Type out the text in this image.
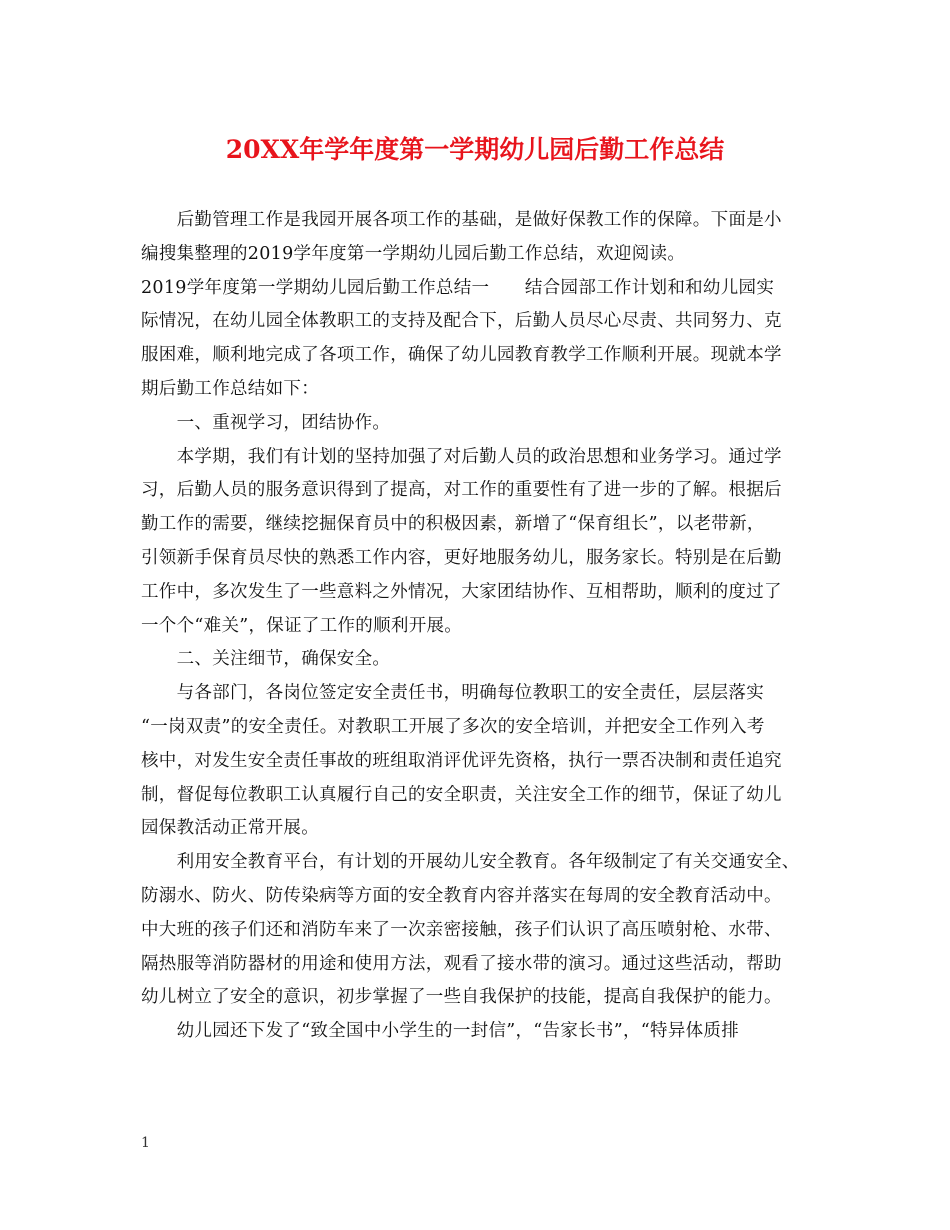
20XX年学年度第一学期幼儿园后勤工作总结
　　后勤管理工作是我园开展各项工作的基础，是做好保教工作的保障。下面是小
编搜集整理的2019学年度第一学期幼儿园后勤工作总结，欢迎阅读。
2019学年度第一学期幼儿园后勤工作总结一　　结合园部工作计划和和幼儿园实
际情况，在幼儿园全体教职工的支持及配合下，后勤人员尽心尽责、共同努力、克
服困难，顺利地完成了各项工作，确保了幼儿园教育教学工作顺利开展。现就本学
期后勤工作总结如下：
　　一、重视学习，团结协作。
　　本学期，我们有计划的坚持加强了对后勤人员的政治思想和业务学习。通过学
习，后勤人员的服务意识得到了提高，对工作的重要性有了进一步的了解。根据后
勤工作的需要，继续挖掘保育员中的积极因素，新增了“保育组长”，以老带新，
引领新手保育员尽快的熟悉工作内容，更好地服务幼儿，服务家长。特别是在后勤
工作中，多次发生了一些意料之外情况，大家团结协作、互相帮助，顺利的度过了
一个个“难关”，保证了工作的顺利开展。
　　二、关注细节，确保安全。
　　与各部门，各岗位签定安全责任书，明确每位教职工的安全责任，层层落实
“一岗双责”的安全责任。对教职工开展了多次的安全培训，并把安全工作列入考
核中，对发生安全责任事故的班组取消评优评先资格，执行一票否决制和责任追究
制，督促每位教职工认真履行自己的安全职责，关注安全工作的细节，保证了幼儿
园保教活动正常开展。
　　利用安全教育平台，有计划的开展幼儿安全教育。各年级制定了有关交通安全、
防溺水、防火、防传染病等方面的安全教育内容并落实在每周的安全教育活动中。
中大班的孩子们还和消防车来了一次亲密接触，孩子们认识了高压喷射枪、水带、
隔热服等消防器材的用途和使用方法，观看了接水带的演习。通过这些活动，帮助
幼儿树立了安全的意识，初步掌握了一些自我保护的技能，提高自我保护的能力。
　　幼儿园还下发了“致全国中小学生的一封信”，“告家长书”，“特异体质排
1
